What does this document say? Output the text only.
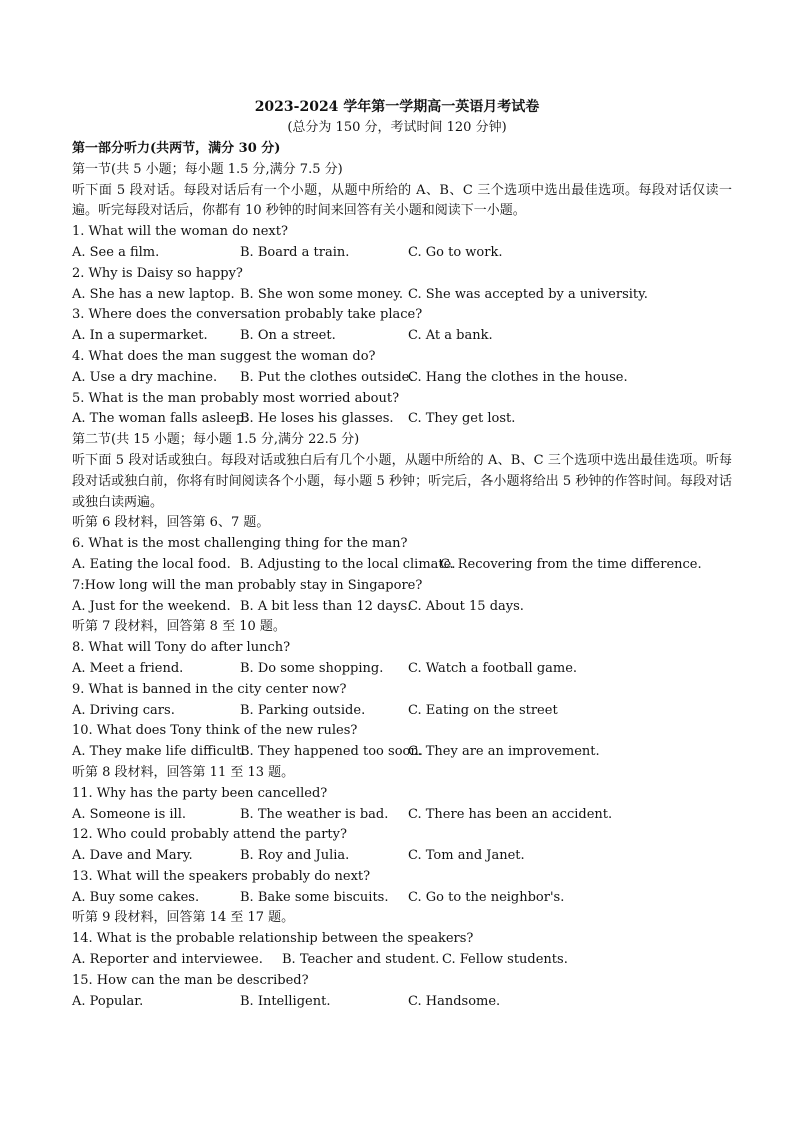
2023-2024 学年第一学期高一英语月考试卷
(总分为 150 分，考试时间 120 分钟)
第一部分听力(共两节，满分 30 分)
第一节(共 5 小题；每小题 1.5 分,满分 7.5 分)
听下面 5 段对话。每段对话后有一个小题，从题中所给的 A、B、C 三个选项中选出最佳选项。每段对话仅读一遍。听完每段对话后，你都有 10 秒钟的时间来回答有关小题和阅读下一小题。
1. What will the woman do next?
A. See a film.	B. Board a train.	C. Go to work.
2. Why is Daisy so happy?
A. She has a new laptop. B. She won some money. C. She was accepted by a university.
3. Where does the conversation probably take place?
A. In a supermarket. B. On a street.	C. At a bank.
4. What does the man suggest the woman do?
A. Use a dry machine. B. Put the clothes outside.
C. Hang the clothes in the house.
5. What is the man probably most worried about?
A. The woman falls asleep.
B. He loses his glasses. C. They get lost.
第二节(共 15 小题；每小题 1.5 分,满分 22.5 分)
听下面 5 段对话或独白。每段对话或独白后有几个小题，从题中所给的 A、B、C 三个选项中选出最佳选项。听每段对话或独白前，你将有时间阅读各个小题，每小题 5 秒钟；听完后，各小题将给出 5 秒钟的作答时间。每段对话或独白读两遍。
听第 6 段材料，回答第 6、7 题。
6. What is the most challenging thing for the man?
A. Eating the local food. B. Adjusting to the local climate.
C. Recovering from the time difference.
7:How long will the man probably stay in Singapore?
A. Just for the weekend. B. A bit less than 12 days.
C. About 15 days.
听第 7 段材料，回答第 8 至 10 题。
8. What will Tony do after lunch?
A. Meet a friend.	B. Do some shopping. C. Watch a football game.
9. What is banned in the city center now?
A. Driving cars.	B. Parking outside.	C. Eating on the street
10. What does Tony think of the new rules?
A. They make life difficult.
B. They happened too soon.
C. They are an improvement.
听第 8 段材料，回答第 11 至 13 题。
11. Why has the party been cancelled?
A. Someone is ill.	B. The weather is bad. C. There has been an accident.
12. Who could probably attend the party?
A. Dave and Mary.	B. Roy and Julia.	C. Tom and Janet.
13. What will the speakers probably do next?
A. Buy some cakes.	B. Bake some biscuits. C. Go to the neighbor's.
听第 9 段材料，回答第 14 至 17 题。
14. What is the probable relationship between the speakers?
A. Reporter and interviewee. B. Teacher and student. C. Fellow students.
15. How can the man be described?
A. Popular.	B. Intelligent.	C. Handsome.
